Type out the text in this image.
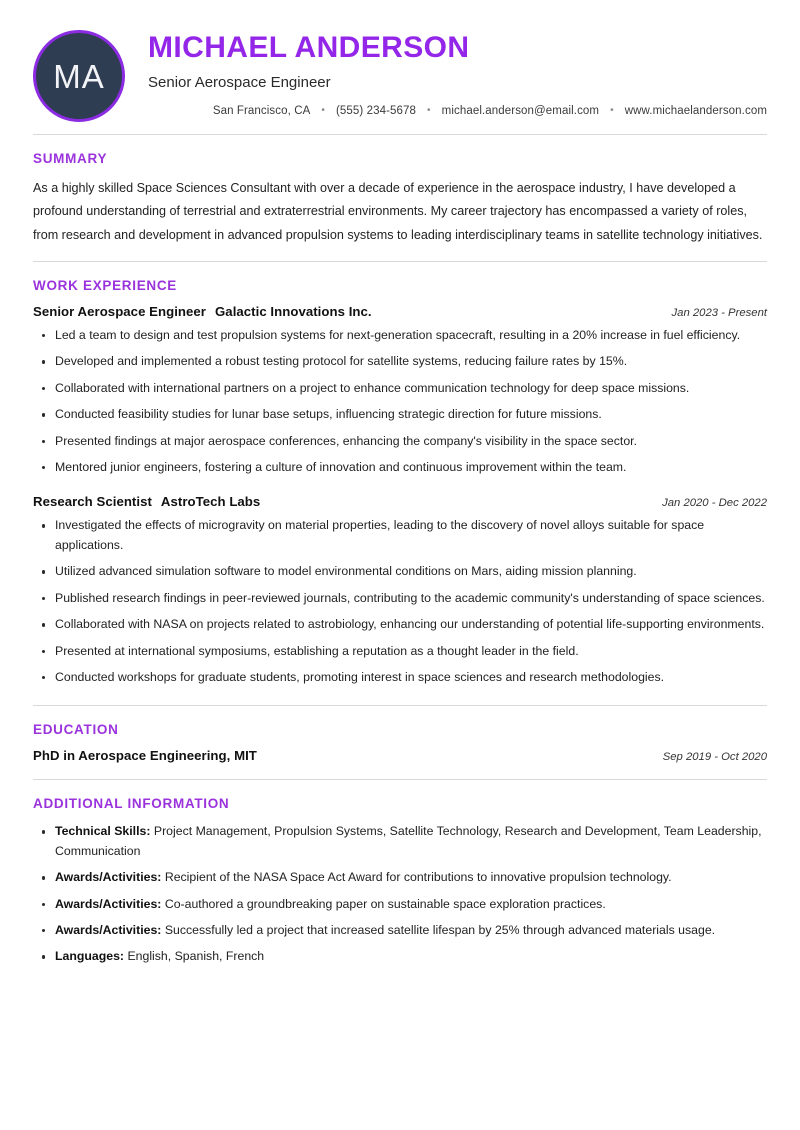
MA
MICHAEL ANDERSON
Senior Aerospace Engineer
San Francisco, CA • (555) 234-5678 • michael.anderson@email.com • www.michaelanderson.com
SUMMARY

As a highly skilled Space Sciences Consultant with over a decade of experience in the aerospace industry, I have developed a profound understanding of terrestrial and extraterrestrial environments. My career trajectory has encompassed a variety of roles, from research and development in advanced propulsion systems to leading interdisciplinary teams in satellite technology initiatives.

WORK EXPERIENCE
Senior Aerospace Engineer Galactic Innovations Inc.	Jan 2023 - Present
Led a team to design and test propulsion systems for next-generation spacecraft, resulting in a 20% increase in fuel efficiency.
Developed and implemented a robust testing protocol for satellite systems, reducing failure rates by 15%.
Collaborated with international partners on a project to enhance communication technology for deep space missions.
Conducted feasibility studies for lunar base setups, influencing strategic direction for future missions.
Presented findings at major aerospace conferences, enhancing the company's visibility in the space sector.
Mentored junior engineers, fostering a culture of innovation and continuous improvement within the team.
Research Scientist AstroTech Labs	Jan 2020 - Dec 2022
Investigated the effects of microgravity on material properties, leading to the discovery of novel alloys suitable for space applications.
Utilized advanced simulation software to model environmental conditions on Mars, aiding mission planning.
Published research findings in peer-reviewed journals, contributing to the academic community's understanding of space sciences.
Collaborated with NASA on projects related to astrobiology, enhancing our understanding of potential life-supporting environments.
Presented at international symposiums, establishing a reputation as a thought leader in the field.
Conducted workshops for graduate students, promoting interest in space sciences and research methodologies.
EDUCATION
PhD in Aerospace Engineering, MIT	Sep 2019 - Oct 2020
ADDITIONAL INFORMATION
Technical Skills: Project Management, Propulsion Systems, Satellite Technology, Research and Development, Team Leadership, Communication
Awards/Activities: Recipient of the NASA Space Act Award for contributions to innovative propulsion technology.
Awards/Activities: Co-authored a groundbreaking paper on sustainable space exploration practices.
Awards/Activities: Successfully led a project that increased satellite lifespan by 25% through advanced materials usage.
Languages: English, Spanish, French
